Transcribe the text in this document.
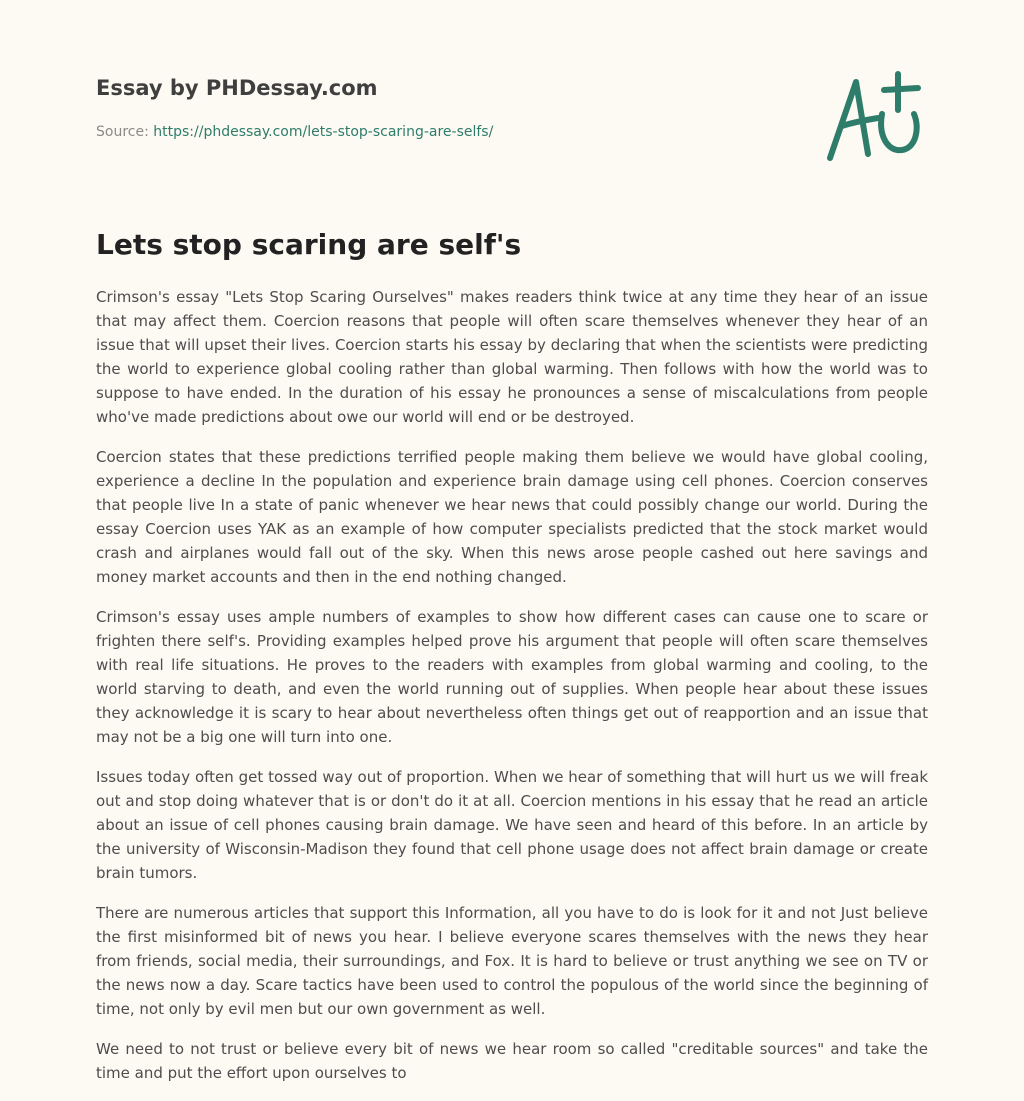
Essay by PHDessay.com
Source: https://phdessay.com/lets-stop-scaring-are-selfs/
Lets stop scaring are self's

Crimson's essay "Lets Stop Scaring Ourselves" makes readers think twice at any time they hear of an issue that may affect them. Coercion reasons that people will often scare themselves whenever they hear of an issue that will upset their lives. Coercion starts his essay by declaring that when the scientists were predicting the world to experience global cooling rather than global warming. Then follows with how the world was to suppose to have ended. In the duration of his essay he pronounces a sense of miscalculations from people who've made predictions about owe our world will end or be destroyed.

Coercion states that these predictions terrified people making them believe we would have global cooling, experience a decline In the population and experience brain damage using cell phones. Coercion conserves that people live In a state of panic whenever we hear news that could possibly change our world. During the essay Coercion uses YAK as an example of how computer specialists predicted that the stock market would crash and airplanes would fall out of the sky. When this news arose people cashed out here savings and money market accounts and then in the end nothing changed.

Crimson's essay uses ample numbers of examples to show how different cases can cause one to scare or frighten there self's. Providing examples helped prove his argument that people will often scare themselves with real life situations. He proves to the readers with examples from global warming and cooling, to the world starving to death, and even the world running out of supplies. When people hear about these issues they acknowledge it is scary to hear about nevertheless often things get out of reapportion and an issue that may not be a big one will turn into one.

Issues today often get tossed way out of proportion. When we hear of something that will hurt us we will freak out and stop doing whatever that is or don't do it at all. Coercion mentions in his essay that he read an article about an issue of cell phones causing brain damage. We have seen and heard of this before. In an article by the university of Wisconsin-Madison they found that cell phone usage does not affect brain damage or create brain tumors.

There are numerous articles that support this Information, all you have to do is look for it and not Just believe the first misinformed bit of news you hear. I believe everyone scares themselves with the news they hear from friends, social media, their surroundings, and Fox. It is hard to believe or trust anything we see on TV or the news now a day. Scare tactics have been used to control the populous of the world since the beginning of time, not only by evil men but our own government as well.

We need to not trust or believe every bit of news we hear room so called "creditable sources" and take the time and put the effort upon ourselves to
